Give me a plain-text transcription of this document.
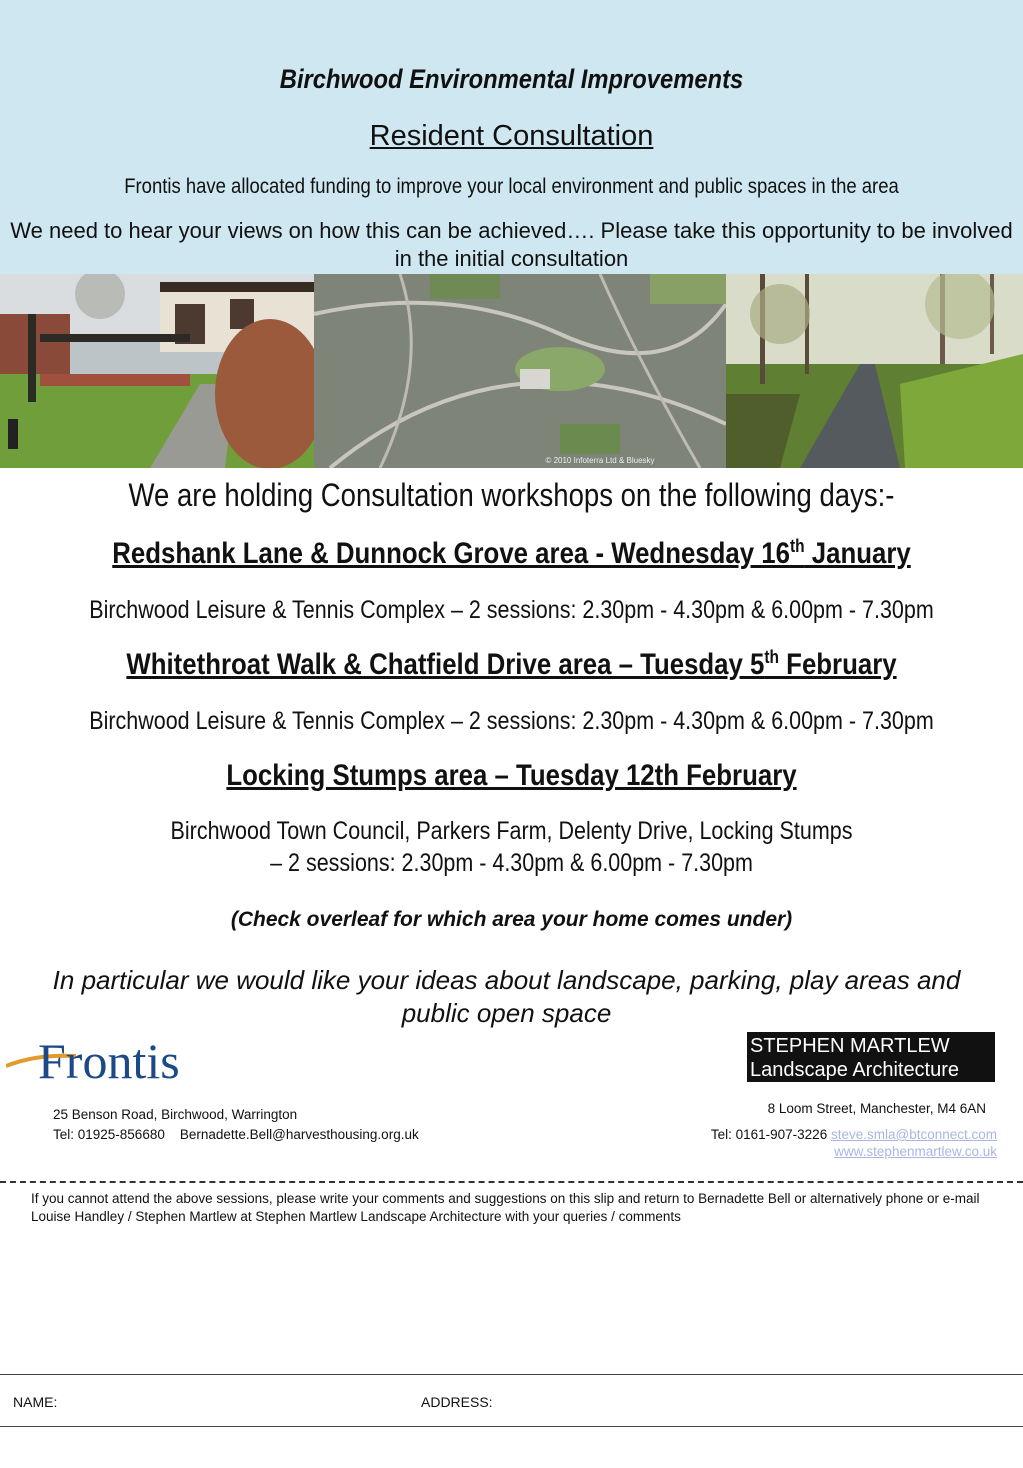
Birchwood Environmental Improvements
Resident Consultation
Frontis have allocated funding to improve your local environment and public spaces in the area
We need to hear your views on how this can be achieved…. Please take this opportunity to be involved in the initial consultation
© 2010 Infoterra Ltd & Bluesky
We are holding Consultation workshops on the following days:-
Redshank Lane & Dunnock Grove area - Wednesday 16th January
Birchwood Leisure & Tennis Complex – 2 sessions: 2.30pm - 4.30pm & 6.00pm - 7.30pm
Whitethroat Walk & Chatfield Drive area – Tuesday 5th February
Birchwood Leisure & Tennis Complex – 2 sessions: 2.30pm - 4.30pm & 6.00pm - 7.30pm
Locking Stumps area – Tuesday 12th February
Birchwood Town Council, Parkers Farm, Delenty Drive, Locking Stumps
– 2 sessions: 2.30pm - 4.30pm & 6.00pm - 7.30pm
(Check overleaf for which area your home comes under)
In particular we would like your ideas about landscape, parking, play areas and public open space
Frontis	STEPHEN MARTLEW
Landscape Architecture
25 Benson Road, Birchwood, Warrington
Tel: 01925-856680 Bernadette.Bell@harvesthousing.org.uk
8 Loom Street, Manchester, M4 6AN
Tel: 0161-907-3226 steve.smla@btconnect.com
www.stephenmartlew.co.uk
If you cannot attend the above sessions, please write your comments and suggestions on this slip and return to Bernadette Bell or alternatively phone or e-mail Louise Handley / Stephen Martlew at Stephen Martlew Landscape Architecture with your queries / comments
NAME:	ADDRESS:
